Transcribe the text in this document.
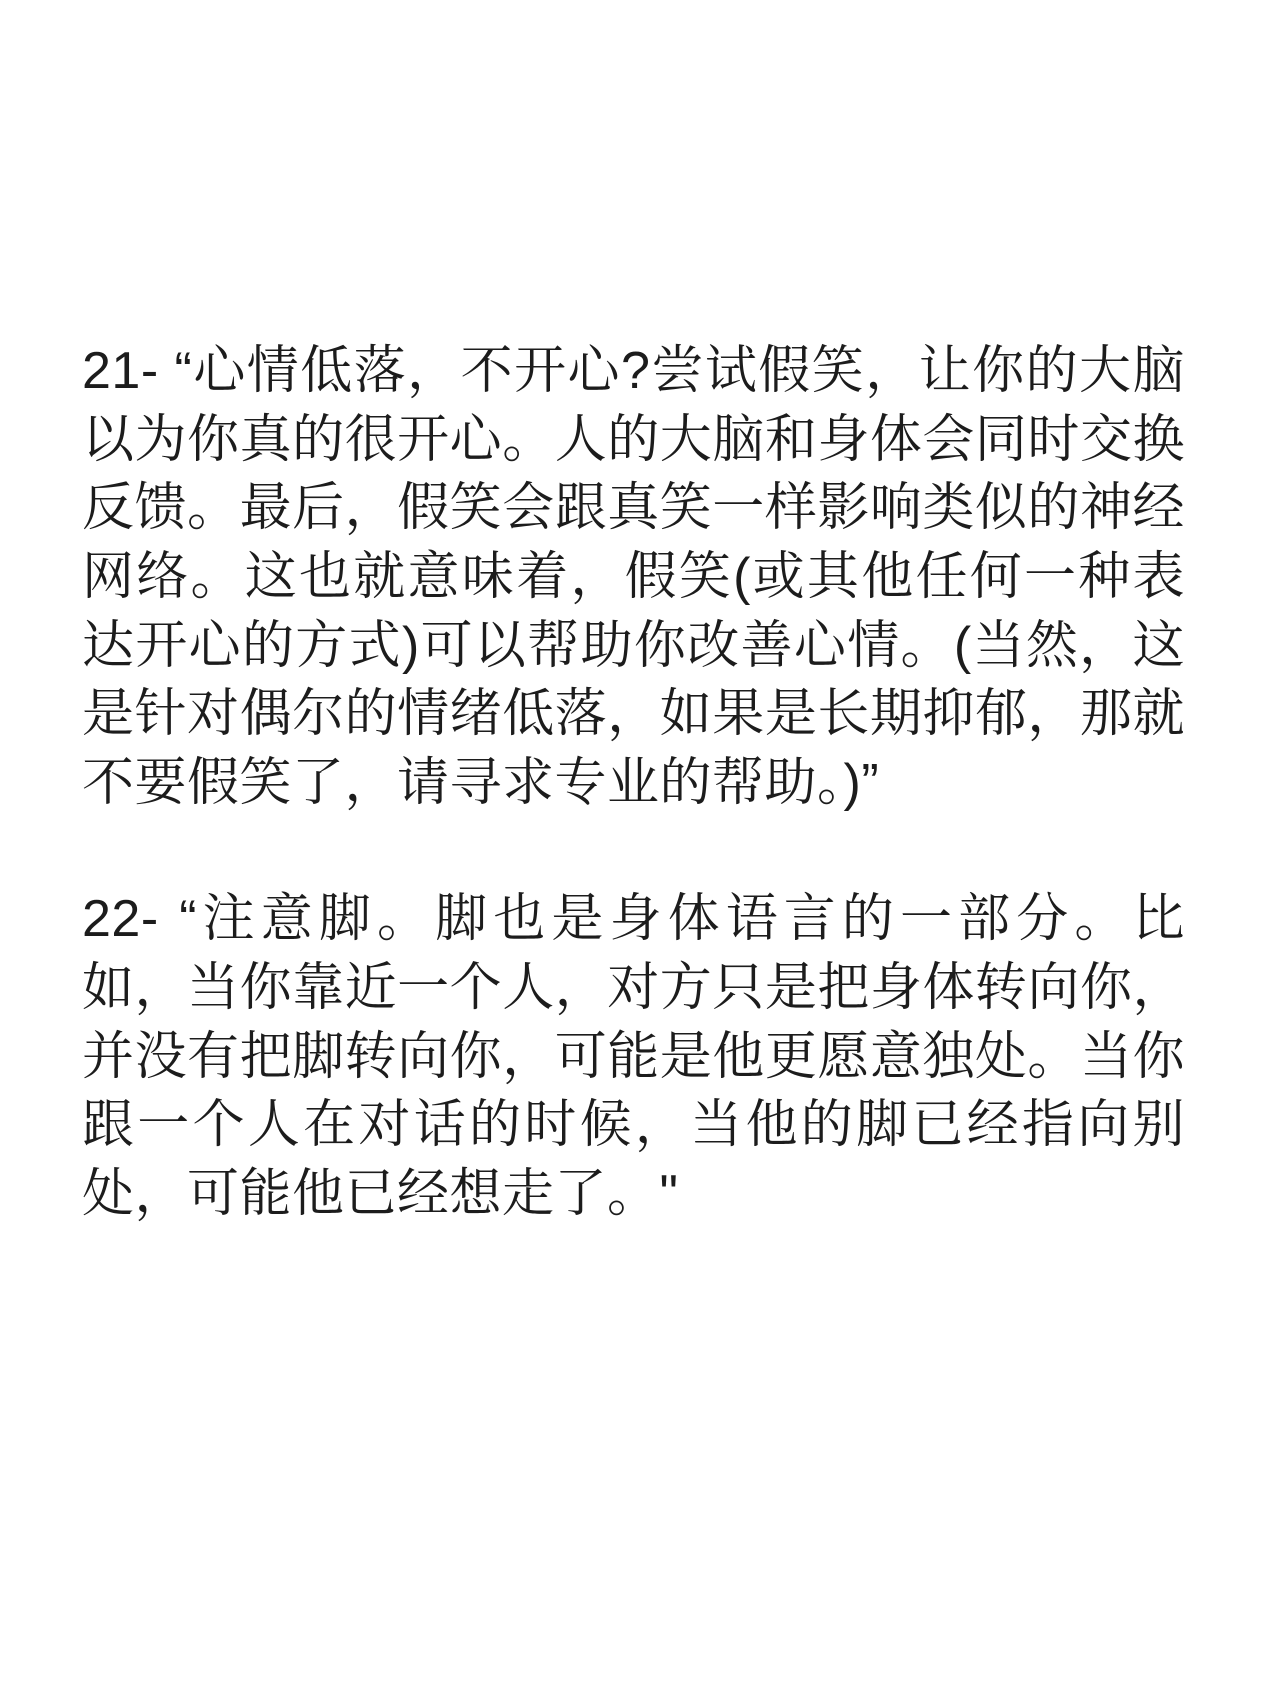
21- “心情低落，不开心?尝试假笑，让你的大脑以为你真的很开心。人的大脑和身体会同时交换反馈。最后，假笑会跟真笑一样影响类似的神经网络。这也就意味着，假笑(或其他任何一种表达开心的方式)可以帮助你改善心情。(当然，这是针对偶尔的情绪低落，如果是长期抑郁，那就不要假笑了，请寻求专业的帮助。)”

22- “注意脚。脚也是身体语言的一部分。比如，当你靠近一个人，对方只是把身体转向你，并没有把脚转向你，可能是他更愿意独处。当你跟一个人在对话的时候，当他的脚已经指向别处，可能他已经想走了。"
